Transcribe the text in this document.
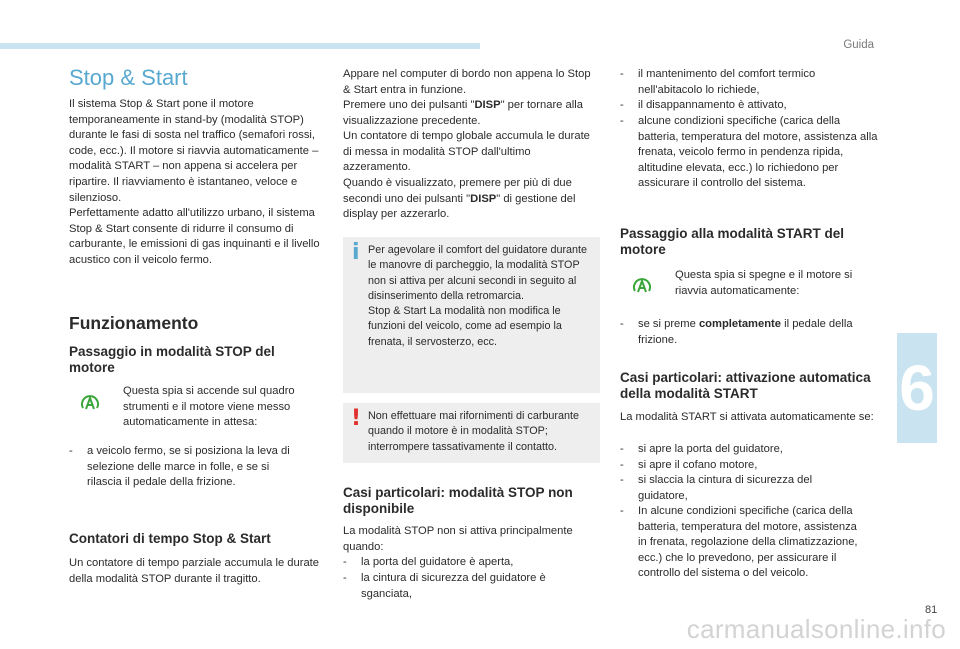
Guida
6
81
carmanualsonline.info
Stop & Start

Il sistema Stop & Start pone il motore temporaneamente in stand-by (modalità STOP) durante le fasi di sosta nel traffico (semafori rossi, code, ecc.). Il motore si riavvia automaticamente – modalità START – non appena si accelera per ripartire. Il riavviamento è istantaneo, veloce e silenzioso.

Perfettamente adatto all'utilizzo urbano, il sistema Stop & Start consente di ridurre il consumo di carburante, le emissioni di gas inquinanti e il livello acustico con il veicolo fermo.

Funzionamento
Passaggio in modalità STOP del motore

Questa spia si accende sul quadro strumenti e il motore viene messo automaticamente in attesa:

-	a veicolo fermo, se si posiziona la leva di selezione delle marce in folle, e se si rilascia il pedale della frizione.
Contatori di tempo Stop & Start

Un contatore di tempo parziale accumula le durate della modalità STOP durante il tragitto.

Appare nel computer di bordo non appena lo Stop & Start entra in funzione.

Premere uno dei pulsanti "DISP" per tornare alla visualizzazione precedente.

Un contatore di tempo globale accumula le durate di messa in modalità STOP dall'ultimo azzeramento.

Quando è visualizzato, premere per più di due secondi uno dei pulsanti "DISP" di gestione del display per azzerarlo.

i Per agevolare il comfort del guidatore durante le manovre di parcheggio, la modalità STOP non si attiva per alcuni secondi in seguito al disinserimento della retromarcia.
Stop & Start La modalità non modifica le funzioni del veicolo, come ad esempio la frenata, il servosterzo, ecc.
! Non effettuare mai rifornimenti di carburante quando il motore è in modalità STOP; interrompere tassativamente il contatto.
Casi particolari: modalità STOP non disponibile

La modalità STOP non si attiva principalmente quando:

-	la porta del guidatore è aperta,
-	la cintura di sicurezza del guidatore è sganciata,
-	il mantenimento del comfort termico nell'abitacolo lo richiede,
-	il disappannamento è attivato,
-	alcune condizioni specifiche (carica della batteria, temperatura del motore, assistenza alla frenata, veicolo fermo in pendenza ripida, altitudine elevata, ecc.) lo richiedono per assicurare il controllo del sistema.
Passaggio alla modalità START del motore

Questa spia si spegne e il motore si riavvia automaticamente:

-	se si preme completamente il pedale della frizione.
Casi particolari: attivazione automatica della modalità START

La modalità START si attivata automaticamente se:

-	si apre la porta del guidatore,
-	si apre il cofano motore,
-	si slaccia la cintura di sicurezza del guidatore,
-	In alcune condizioni specifiche (carica della batteria, temperatura del motore, assistenza in frenata, regolazione della climatizzazione, ecc.) che lo prevedono, per assicurare il controllo del sistema o del veicolo.
